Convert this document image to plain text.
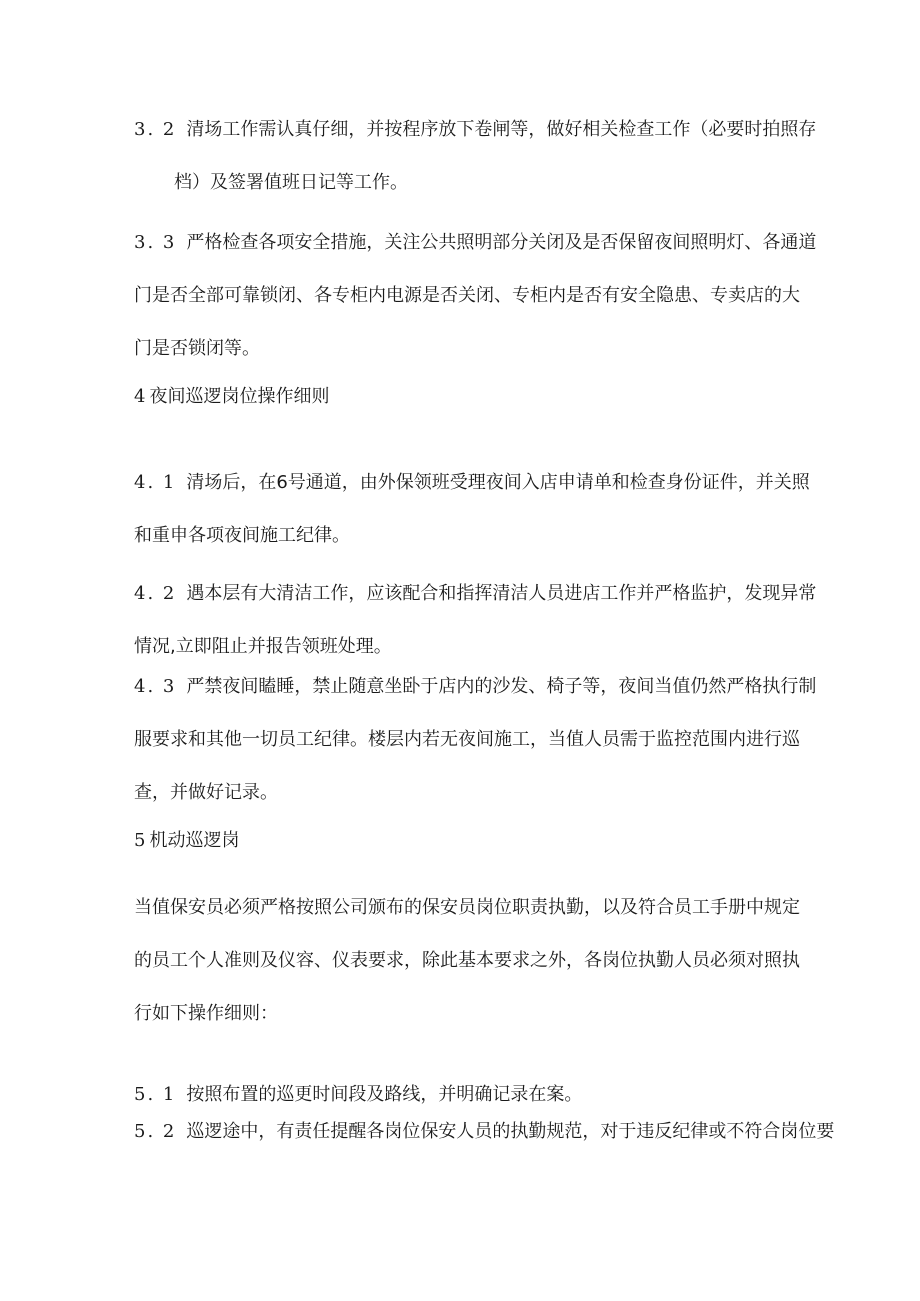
3. 2 清场工作需认真仔细，并按程序放下卷闸等，做好相关检查工作（必要时拍照存
档）及签署值班日记等工作。
3. 3 严格检查各项安全措施，关注公共照明部分关闭及是否保留夜间照明灯、各通道
门是否全部可靠锁闭、各专柜内电源是否关闭、专柜内是否有安全隐患、专卖店的大
门是否锁闭等。
4 夜间巡逻岗位操作细则
4. 1 清场后，在6号通道，由外保领班受理夜间入店申请单和检查身份证件，并关照
和重申各项夜间施工纪律。
4. 2 遇本层有大清洁工作，应该配合和指挥清洁人员进店工作并严格监护，发现异常
情况,立即阻止并报告领班处理。
4. 3 严禁夜间瞌睡，禁止随意坐卧于店内的沙发、椅子等，夜间当值仍然严格执行制
服要求和其他一切员工纪律。楼层内若无夜间施工，当值人员需于监控范围内进行巡
查，并做好记录。
5 机动巡逻岗
当值保安员必须严格按照公司颁布的保安员岗位职责执勤，以及符合员工手册中规定
的员工个人准则及仪容、仪表要求，除此基本要求之外，各岗位执勤人员必须对照执
行如下操作细则：
5. 1 按照布置的巡更时间段及路线，并明确记录在案。
5. 2 巡逻途中，有责任提醒各岗位保安人员的执勤规范，对于违反纪律或不符合岗位要
